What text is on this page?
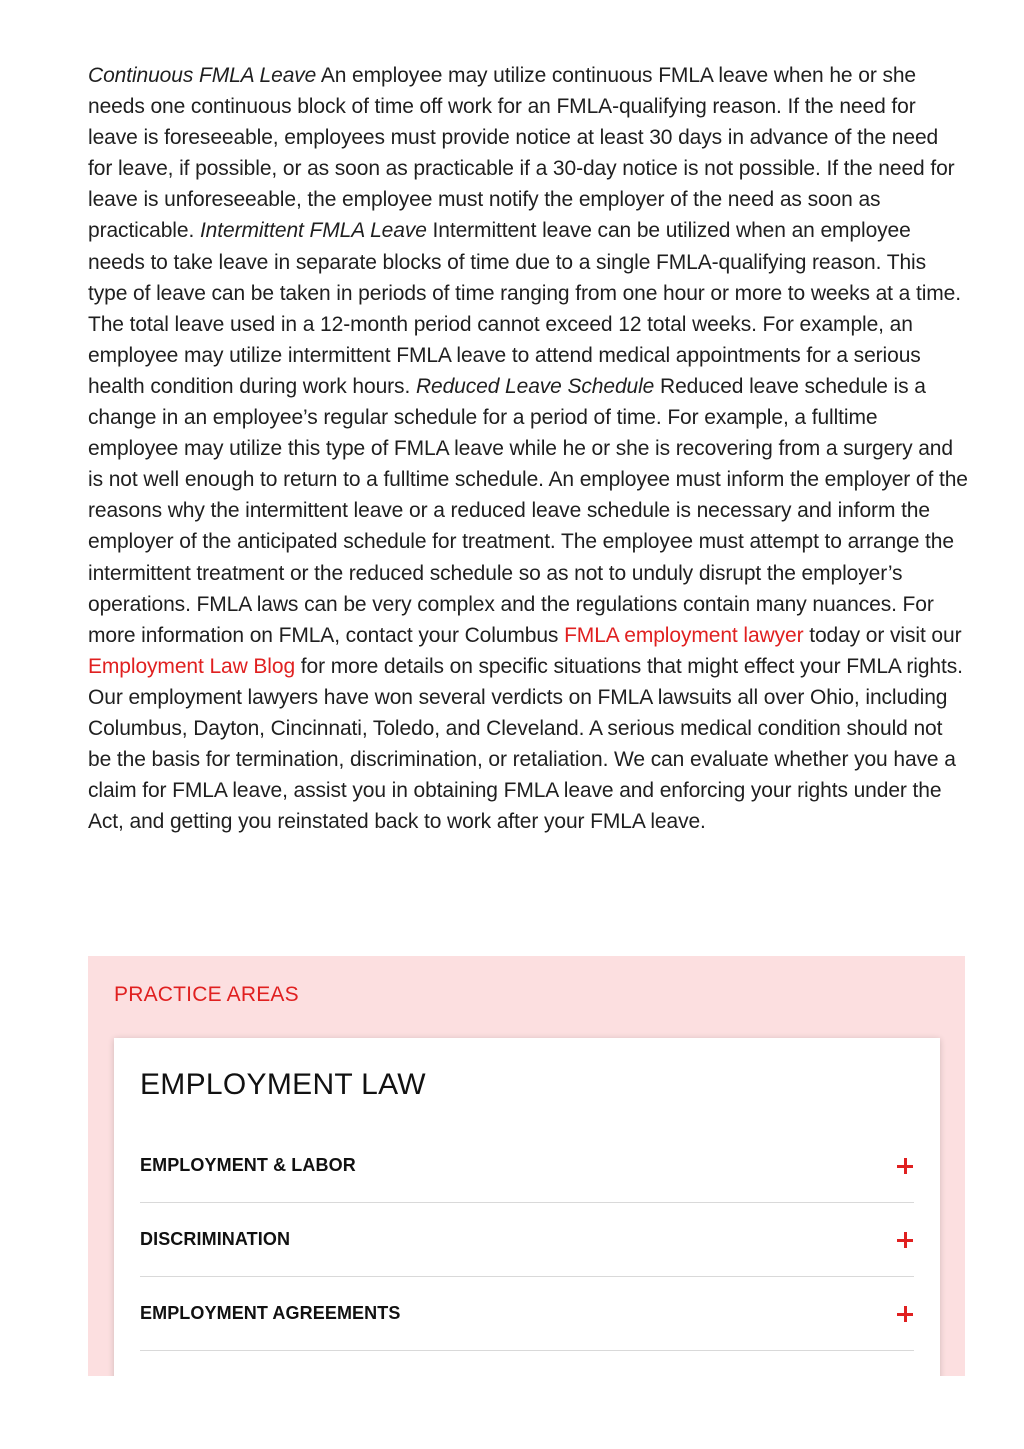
Continuous FMLA Leave An employee may utilize continuous FMLA leave when he or she needs one continuous block of time off work for an FMLA-qualifying reason. If the need for leave is foreseeable, employees must provide notice at least 30 days in advance of the need for leave, if possible, or as soon as practicable if a 30-day notice is not possible. If the need for leave is unforeseeable, the employee must notify the employer of the need as soon as practicable. Intermittent FMLA Leave Intermittent leave can be utilized when an employee needs to take leave in separate blocks of time due to a single FMLA-qualifying reason. This type of leave can be taken in periods of time ranging from one hour or more to weeks at a time. The total leave used in a 12-month period cannot exceed 12 total weeks. For example, an employee may utilize intermittent FMLA leave to attend medical appointments for a serious health condition during work hours. Reduced Leave Schedule Reduced leave schedule is a change in an employee’s regular schedule for a period of time. For example, a fulltime employee may utilize this type of FMLA leave while he or she is recovering from a surgery and is not well enough to return to a fulltime schedule. An employee must inform the employer of the reasons why the intermittent leave or a reduced leave schedule is necessary and inform the employer of the anticipated schedule for treatment. The employee must attempt to arrange the intermittent treatment or the reduced schedule so as not to unduly disrupt the employer’s operations. FMLA laws can be very complex and the regulations contain many nuances. For more information on FMLA, contact your Columbus FMLA employment lawyer today or visit our Employment Law Blog for more details on specific situations that might effect your FMLA rights. Our employment lawyers have won several verdicts on FMLA lawsuits all over Ohio, including Columbus, Dayton, Cincinnati, Toledo, and Cleveland. A serious medical condition should not be the basis for termination, discrimination, or retaliation. We can evaluate whether you have a claim for FMLA leave, assist you in obtaining FMLA leave and enforcing your rights under the Act, and getting you reinstated back to work after your FMLA leave.

PRACTICE AREAS
EMPLOYMENT LAW
EMPLOYMENT & LABOR
DISCRIMINATION
EMPLOYMENT AGREEMENTS
